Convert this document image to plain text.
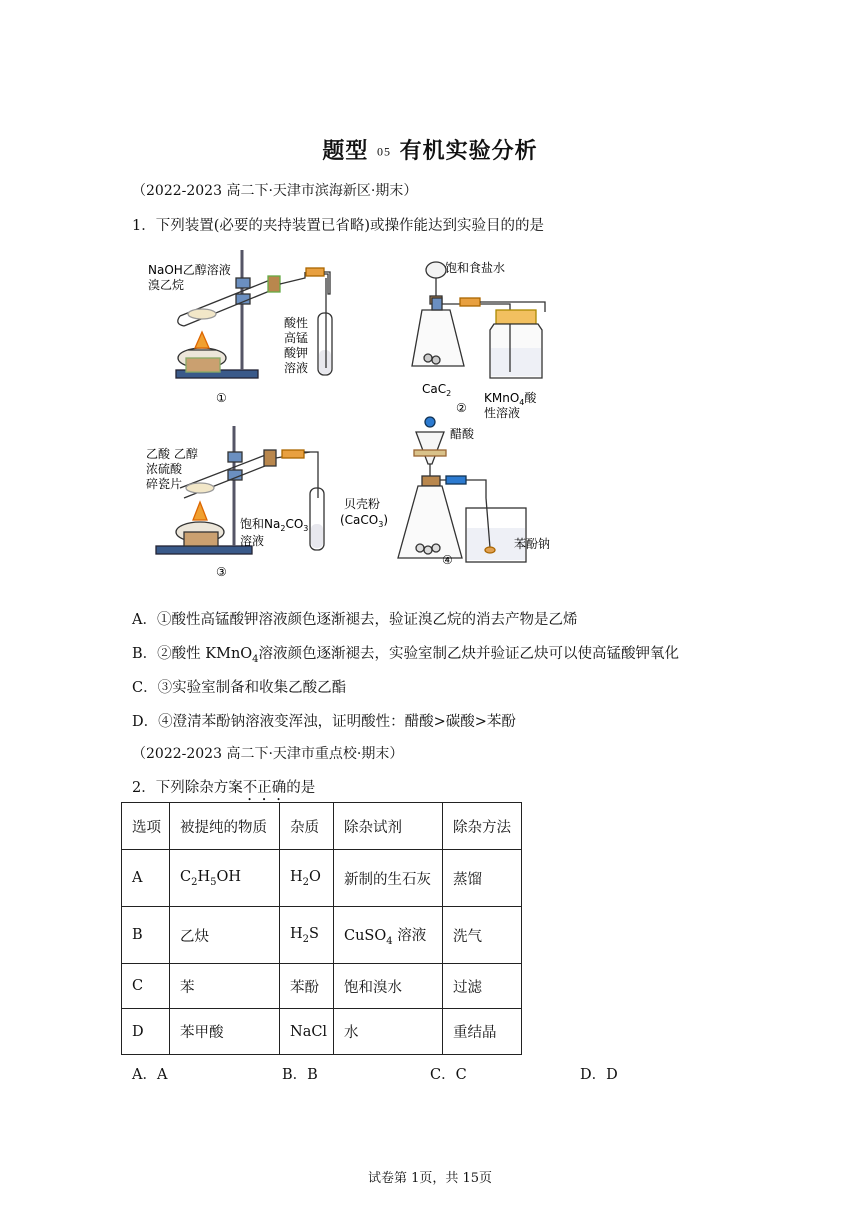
题型 05 有机实验分析
（2022-2023 高二下·天津市滨海新区·期末）
1．下列装置(必要的夹持装置已省略)或操作能达到实验目的的是
NaOH乙醇溶液
溴乙烷
酸性
高锰
酸钾
溶液
①
饱和食盐水
CaC$_2$	KMnO$_4$酸
性溶液
②
乙酸 乙醇
浓硫酸
碎瓷片
饱和$Na_2CO_3$
溶液
③
醋酸
贝壳粉
(CaCO$_3$)
苯酚钠
④
A．①酸性高锰酸钾溶液颜色逐渐褪去，验证溴乙烷的消去产物是乙烯
B．②酸性 KMnO$_4$溶液颜色逐渐褪去，实验室制乙炔并验证乙炔可以使高锰酸钾氧化
C．③实验室制备和收集乙酸乙酯
D．④澄清苯酚钠溶液变浑浊，证明酸性：醋酸>碳酸>苯酚
（2022-2023 高二下·天津市重点校·期末）
2．下列除杂方案不正确的是
选项	被提纯的物质	杂质	除杂试剂	除杂方法
A	$C_2H_5OH$	$H_2O$	新制的生石灰	蒸馏
B	乙炔	$H_2S$	CuSO$_4$ 溶液	洗气
C	苯	苯酚	饱和溴水	过滤
D	苯甲酸	NaCl	水	重结晶
A．A	B．B	C．C	D．D
试卷第 1页，共 15页
